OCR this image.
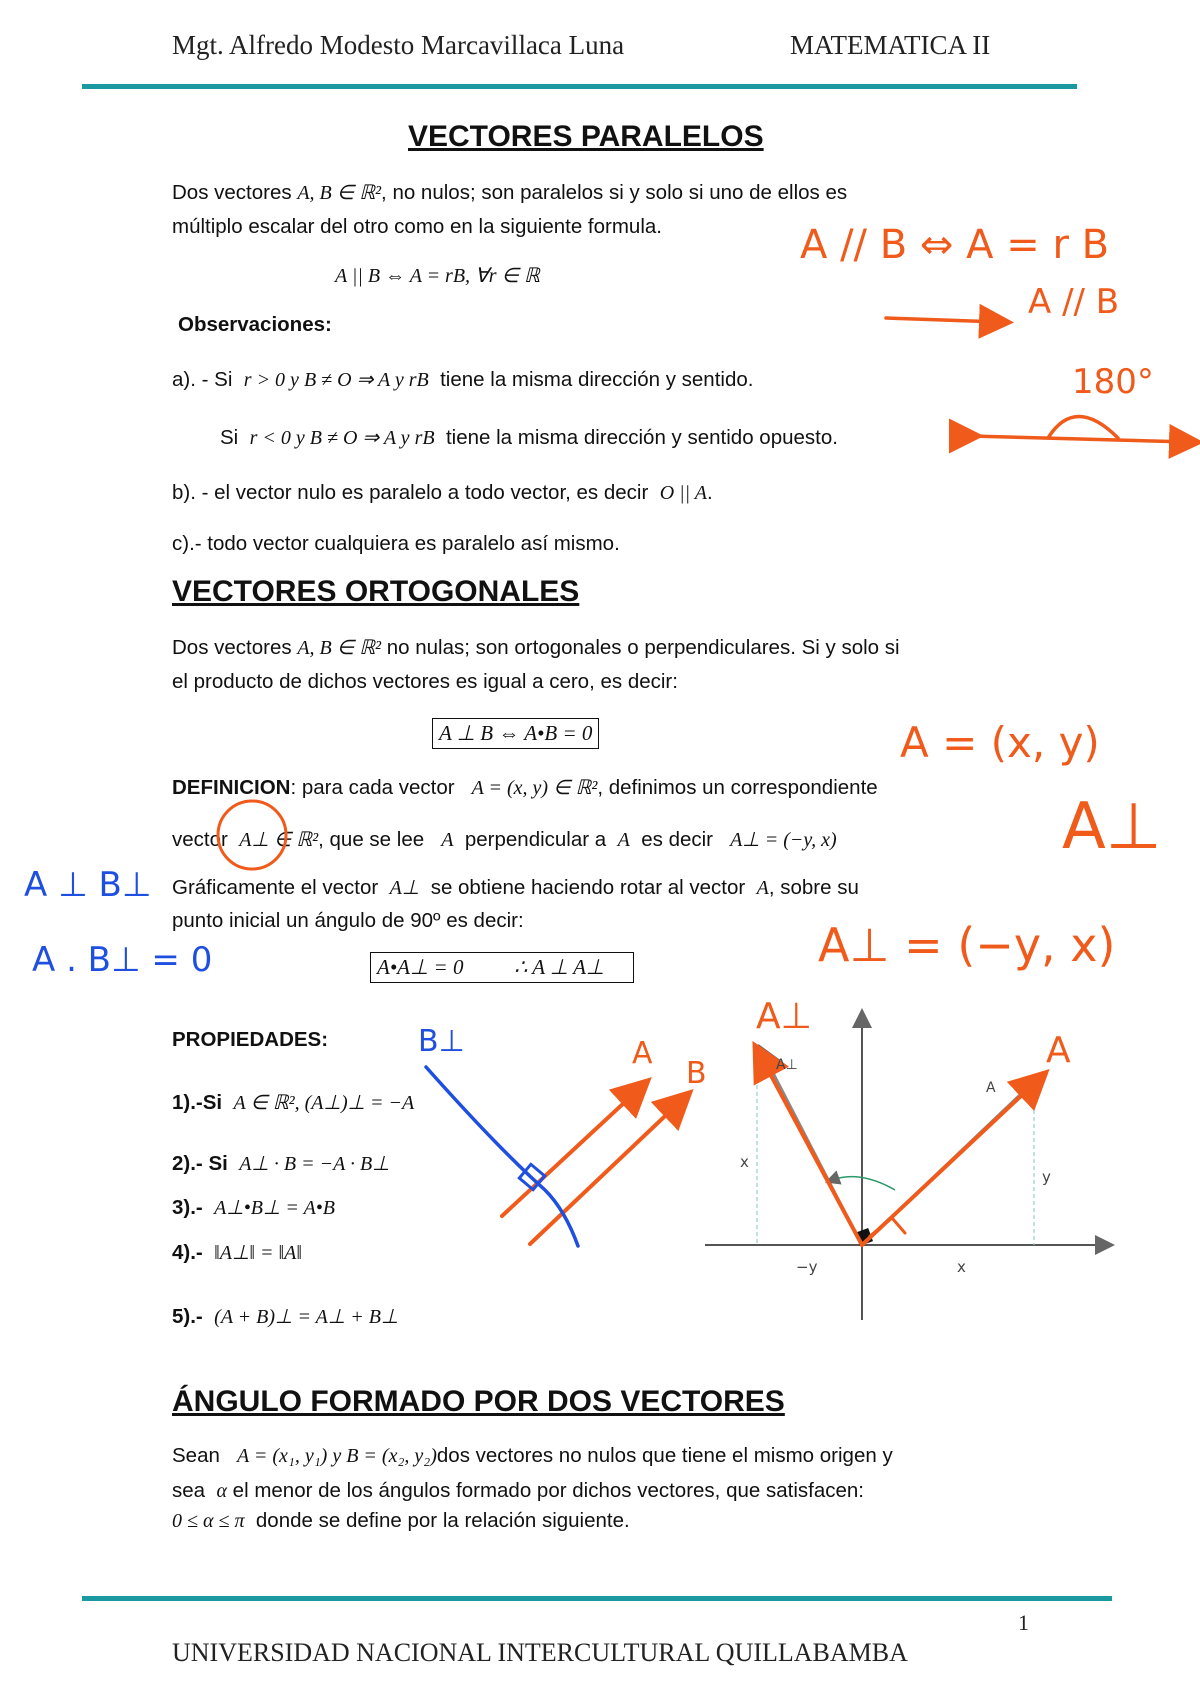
Mgt. Alfredo Modesto Marcavillaca Luna	MATEMATICA II
VECTORES PARALELOS
Dos vectores A, B ∈ ℝ², no nulos; son paralelos si y solo si uno de ellos es
múltiplo escalar del otro como en la siguiente formula.
A || B ⇔ A = rB, ∀r ∈ ℝ
Observaciones:
a). - Si r > 0 y B ≠ O ⇒ A y rB tiene la misma dirección y sentido.
Si r < 0 y B ≠ O ⇒ A y rB tiene la misma dirección y sentido opuesto.
b). - el vector nulo es paralelo a todo vector, es decir O || A.
c).- todo vector cualquiera es paralelo así mismo.
VECTORES ORTOGONALES
Dos vectores A, B ∈ ℝ² no nulas; son ortogonales o perpendiculares. Si y solo si
el producto de dichos vectores es igual a cero, es decir:
A ⊥ B ⇔ A•B = 0
DEFINICION: para cada vector A = (x, y) ∈ ℝ², definimos un correspondiente
vector A⊥ ∈ ℝ², que se lee A perpendicular a A es decir A⊥ = (−y, x)
Gráficamente el vector A⊥ se obtiene haciendo rotar al vector A, sobre su
punto inicial un ángulo de 90º es decir:
A•A⊥ = 0 ∴ A ⊥ A⊥
PROPIEDADES:
1).-Si A ∈ ℝ², (A⊥)⊥ = −A
2).- Si A⊥ · B = −A · B⊥
3).- A⊥•B⊥ = A•B
4).- ‖A⊥‖ = ‖A‖
5).- (A + B)⊥ = A⊥ + B⊥
ÁNGULO FORMADO POR DOS VECTORES
Sean A = (x₁, y₁) y B = (x₂, y₂)dos vectores no nulos que tiene el mismo origen y
sea α el menor de los ángulos formado por dichos vectores, que satisfacen:
0 ≤ α ≤ π donde se define por la relación siguiente.
A⊥
A
x
y
−y	x
A // B ⇔ A = r B
A // B
180°
A = (x, y)
A⊥
A⊥ = (−y, x)
A⊥
A
A
B
A ⊥ B⊥
A . B⊥ = 0
B⊥
1
UNIVERSIDAD NACIONAL INTERCULTURAL QUILLABAMBA
